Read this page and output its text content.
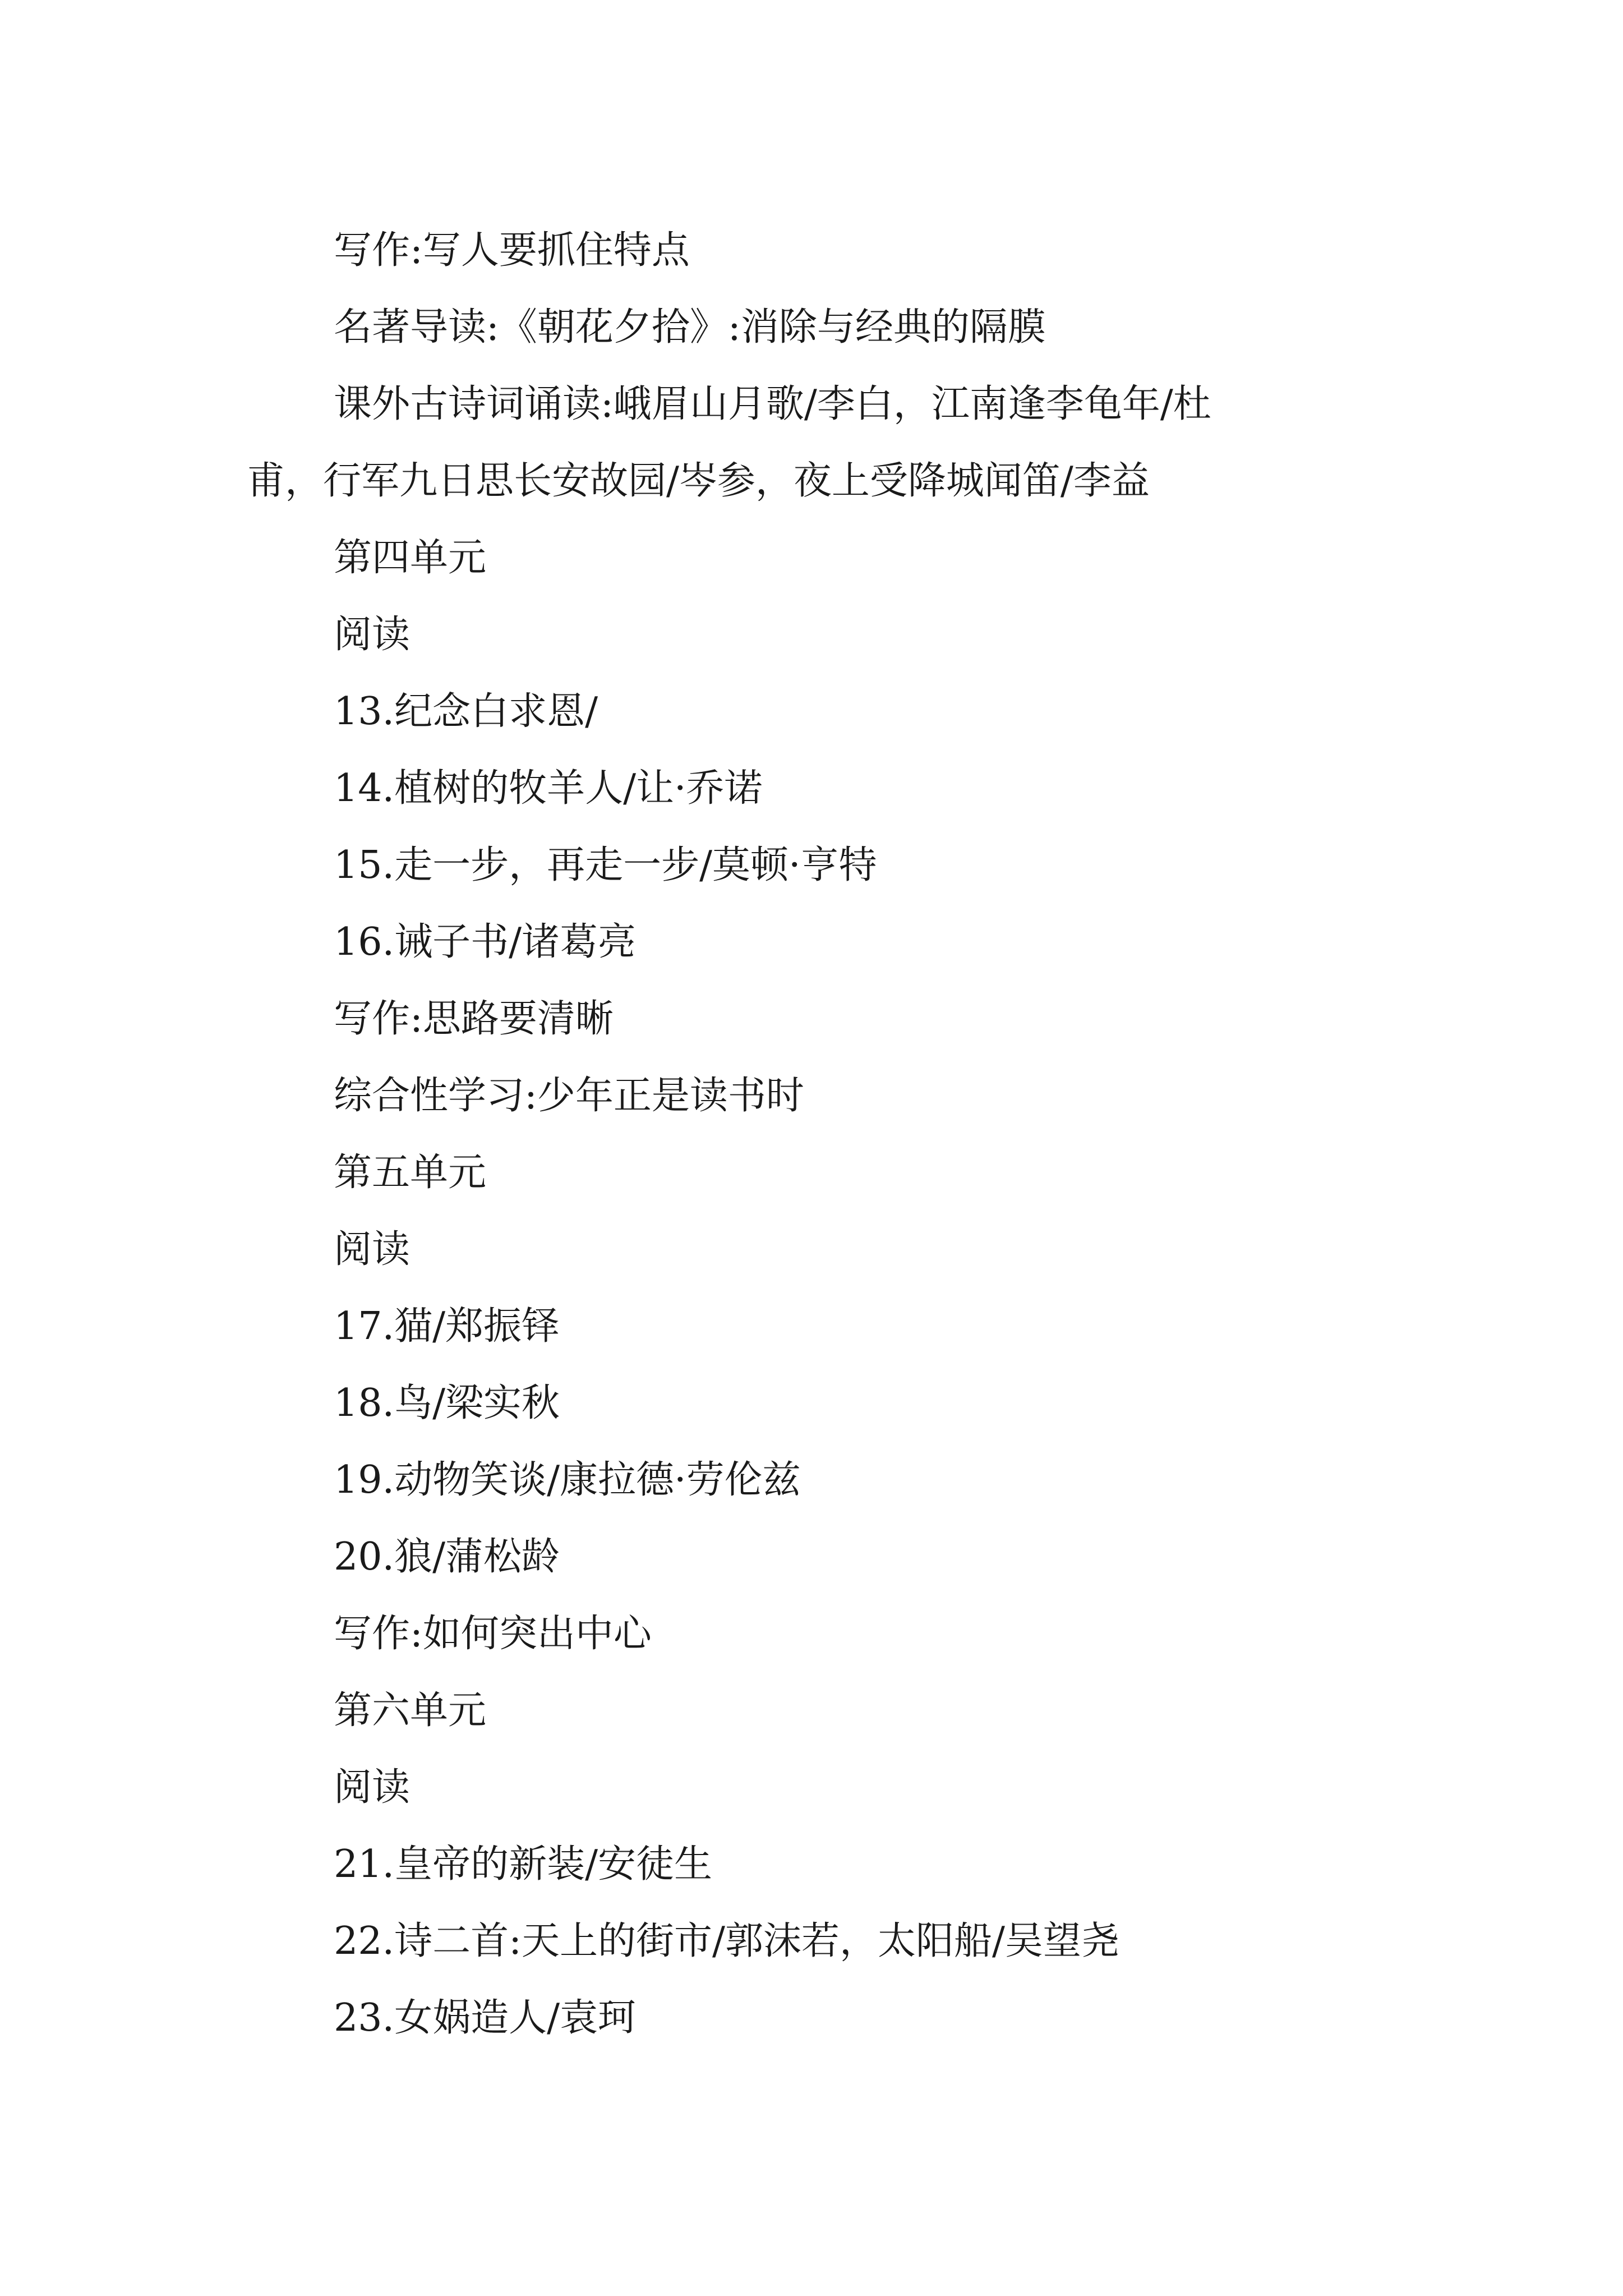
写作:写人要抓住特点

名著导读:《朝花夕拾》:消除与经典的隔膜

课外古诗词诵读:峨眉山月歌/李白，江南逢李龟年/杜

甫，行军九日思长安故园/岑参，夜上受降城闻笛/李益

第四单元

阅读

13.纪念白求恩/

14.植树的牧羊人/让·乔诺

15.走一步，再走一步/莫顿·亨特

16.诫子书/诸葛亮

写作:思路要清晰

综合性学习:少年正是读书时

第五单元

阅读

17.猫/郑振铎

18.鸟/梁实秋

19.动物笑谈/康拉德·劳伦兹

20.狼/蒲松龄

写作:如何突出中心

第六单元

阅读

21.皇帝的新装/安徒生

22.诗二首:天上的街市/郭沫若，太阳船/吴望尧

23.女娲造人/袁珂
